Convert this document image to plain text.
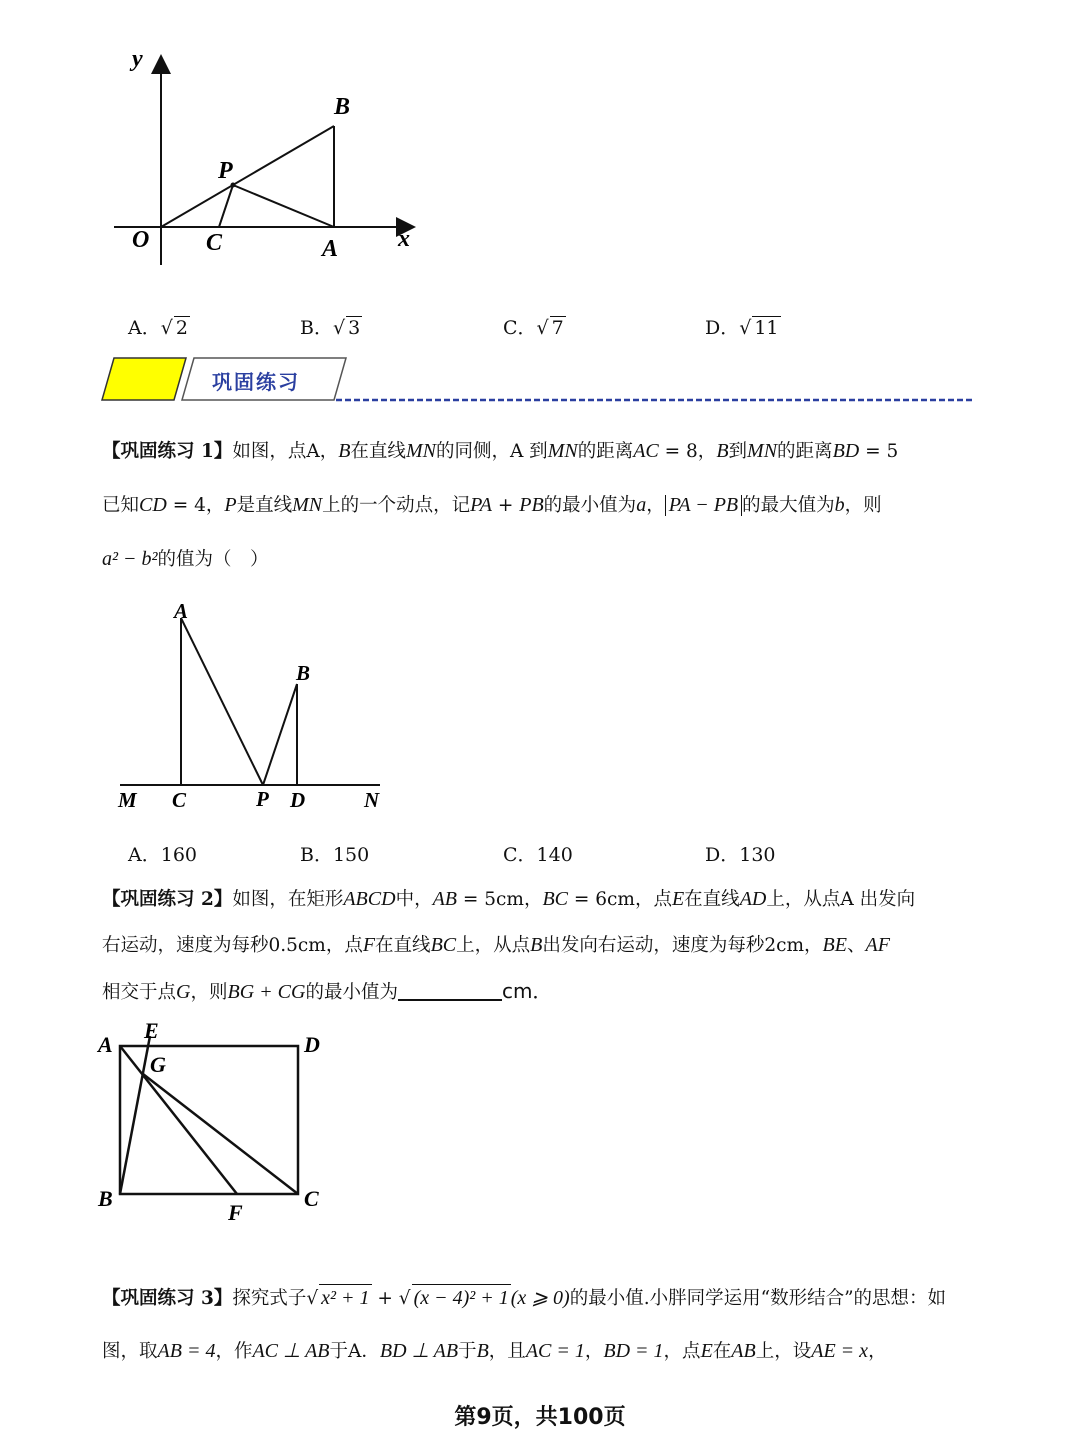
y
x
O C	A
P
B
A．√ 2	B．√ 3	C．√ 7	D．√ 11
巩固练习
【巩固练习 1】如图，点A，B在直线MN的同侧，A 到MN的距离AC = 8，B到MN的距离BD = 5
已知CD = 4，P是直线MN上的一个动点，记PA + PB的最小值为a， PA − PB 的最大值为b，则
a² − b²的值为（　）
A
B
M C	P D	N
A．160	B．150	C．140	D．130
【巩固练习 2】如图，在矩形ABCD中，AB = 5cm，BC = 6cm，点E在直线AD上，从点A 出发向
右运动，速度为每秒0.5cm，点F在直线BC上，从点B出发向右运动，速度为每秒2cm，BE、AF
相交于点G，则BG + CG的最小值为	cm．
A
E
D
G
B
F
C
【巩固练习 3】探究式子√ x² + 1 + √ (x − 4)² + 1 (x ⩾ 0)的最小值.小胖同学运用“数形结合”的思想：如
图，取AB = 4，作AC ⊥ AB于A．BD ⊥ AB于B，且AC = 1，BD = 1，点E在AB上，设AE = x，
第9页，共100页
